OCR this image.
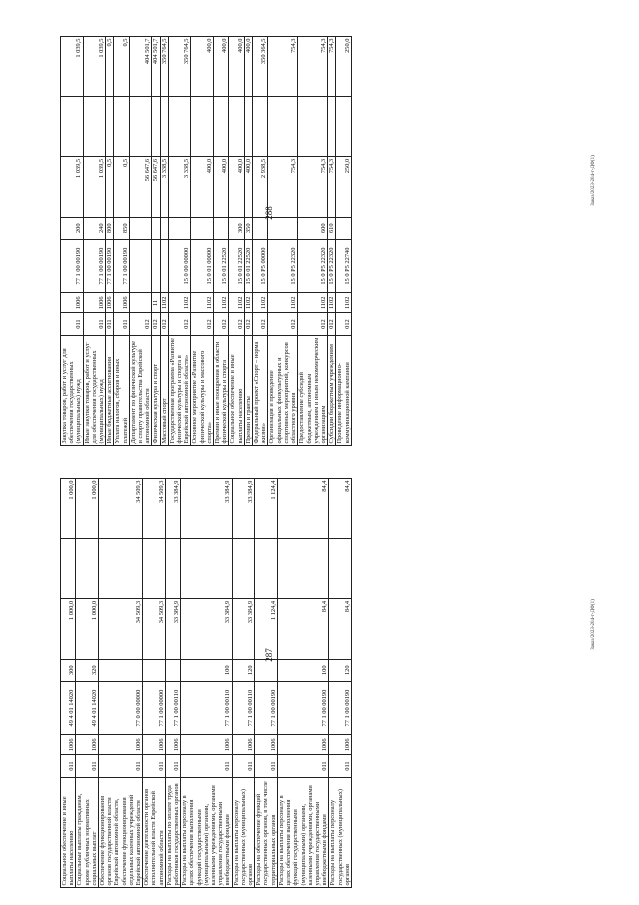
287
288
Заказ/2023-204-т-ДФ(1)
Заказ/2023-204-т-ДФ(1)
Социальное обеспечение и иные выплаты населению	011	1006	49 4 01 14020	300	1 000,0		1 000,0
Социальные выплаты гражданам, кроме публичных нормативных социальных выплат	011	1006	49 4 01 14020	320	1 000,0		1 000,0
Обеспечение функционирования органов государственной власти Еврейской автономной области, обеспечение функционирования отдельных казенных учреждений Еврейской автономной области	011	1006	77 0 00 00000		34 509,3		34 509,3
Обеспечение деятельности органов исполнительной власти Еврейской автономной области	011	1006	77 1 00 00000		34 509,3		34 509,3
Расходы на выплаты по оплате труда работников государственных органов	011	1006	77 1 00 00110		33 384,9		33 384,9
Расходы на выплаты персоналу в целях обеспечения выполнения функций государственными (муниципальными) органами, казенными учреждениями, органами управления государственными внебюджетными фондами	011	1006	77 1 00 00110	100	33 384,9		33 384,9
Расходы на выплаты персоналу государственных (муниципальных) органов	011	1006	77 1 00 00110	120	33 384,9		33 384,9
Расходы на обеспечение функций государственных органов, в том числе территориальных органов	011	1006	77 1 00 00190		1 124,4		1 124,4
Расходы на выплаты персоналу в целях обеспечения выполнения функций государственными (муниципальными) органами, казенными учреждениями, органами управления государственными внебюджетными фондами	011	1006	77 1 00 00190	100	84,4		84,4
Расходы на выплаты персоналу государственных (муниципальных) органов	011	1006	77 1 00 00190	120	84,4		84,4
Закупка товаров, работ и услуг для обеспечения государственных (муниципальных) нужд	011	1006	77 1 00 00190	200	1 039,5		1 039,5
Иные закупки товаров, работ и услуг для обеспечения государственных (муниципальных) нужд	011	1006	77 1 00 00190	240	1 039,5		1 039,5
Иные бюджетные ассигнования	011	1006	77 1 00 00190	800	0,5		0,5
Уплата налогов, сборов и иных платежей	011	1006	77 1 00 00190	850	0,5		0,5
Департамент по физической культуре и спорту правительства Еврейской автономной области	012				56 647,6		404 501,7
Физическая культура и спорт	012	11			56 647,6		404 501,7
Массовый спорт	012	1102			3 338,5		350 764,5
Государственная программа «Развитие физической культуры и спорта в Еврейской автономной области»	012	1102	15 0 00 00000		3 338,5		350 764,5
Основное мероприятие «Развитие физической культуры и массового спорта»	012	1102	15 0 01 00000		400,0		400,0
Премии и иные поощрения в области физической культуры и спорта	012	1102	15 0 01 22520		400,0		400,0
Социальное обеспечение и иные выплаты населению	012	1102	15 0 01 22520	300	400,0		400,0
Премии и гранты	012	1102	15 0 01 22520	350	400,0		400,0
Федеральный проект «Спорт – норма жизни»	012	1102	15 0 P5 00000		2 938,5		350 364,5
Организация и проведение официальных физкультурных и спортивных мероприятий, конкурсов областного уровня	012	1102	15 0 P5 22320		754,3		754,3
Предоставление субсидий бюджетным, автономным учреждениям и иным некоммерческим организациям	012	1102	15 0 P5 22320	600	754,3		754,3
Субсидии бюджетным учреждениям	012	1102	15 0 P5 22320	610	754,3		754,3
Проведение информационно-коммуникационной кампании	012	1102	15 0 P5 22740		250,0		250,0
